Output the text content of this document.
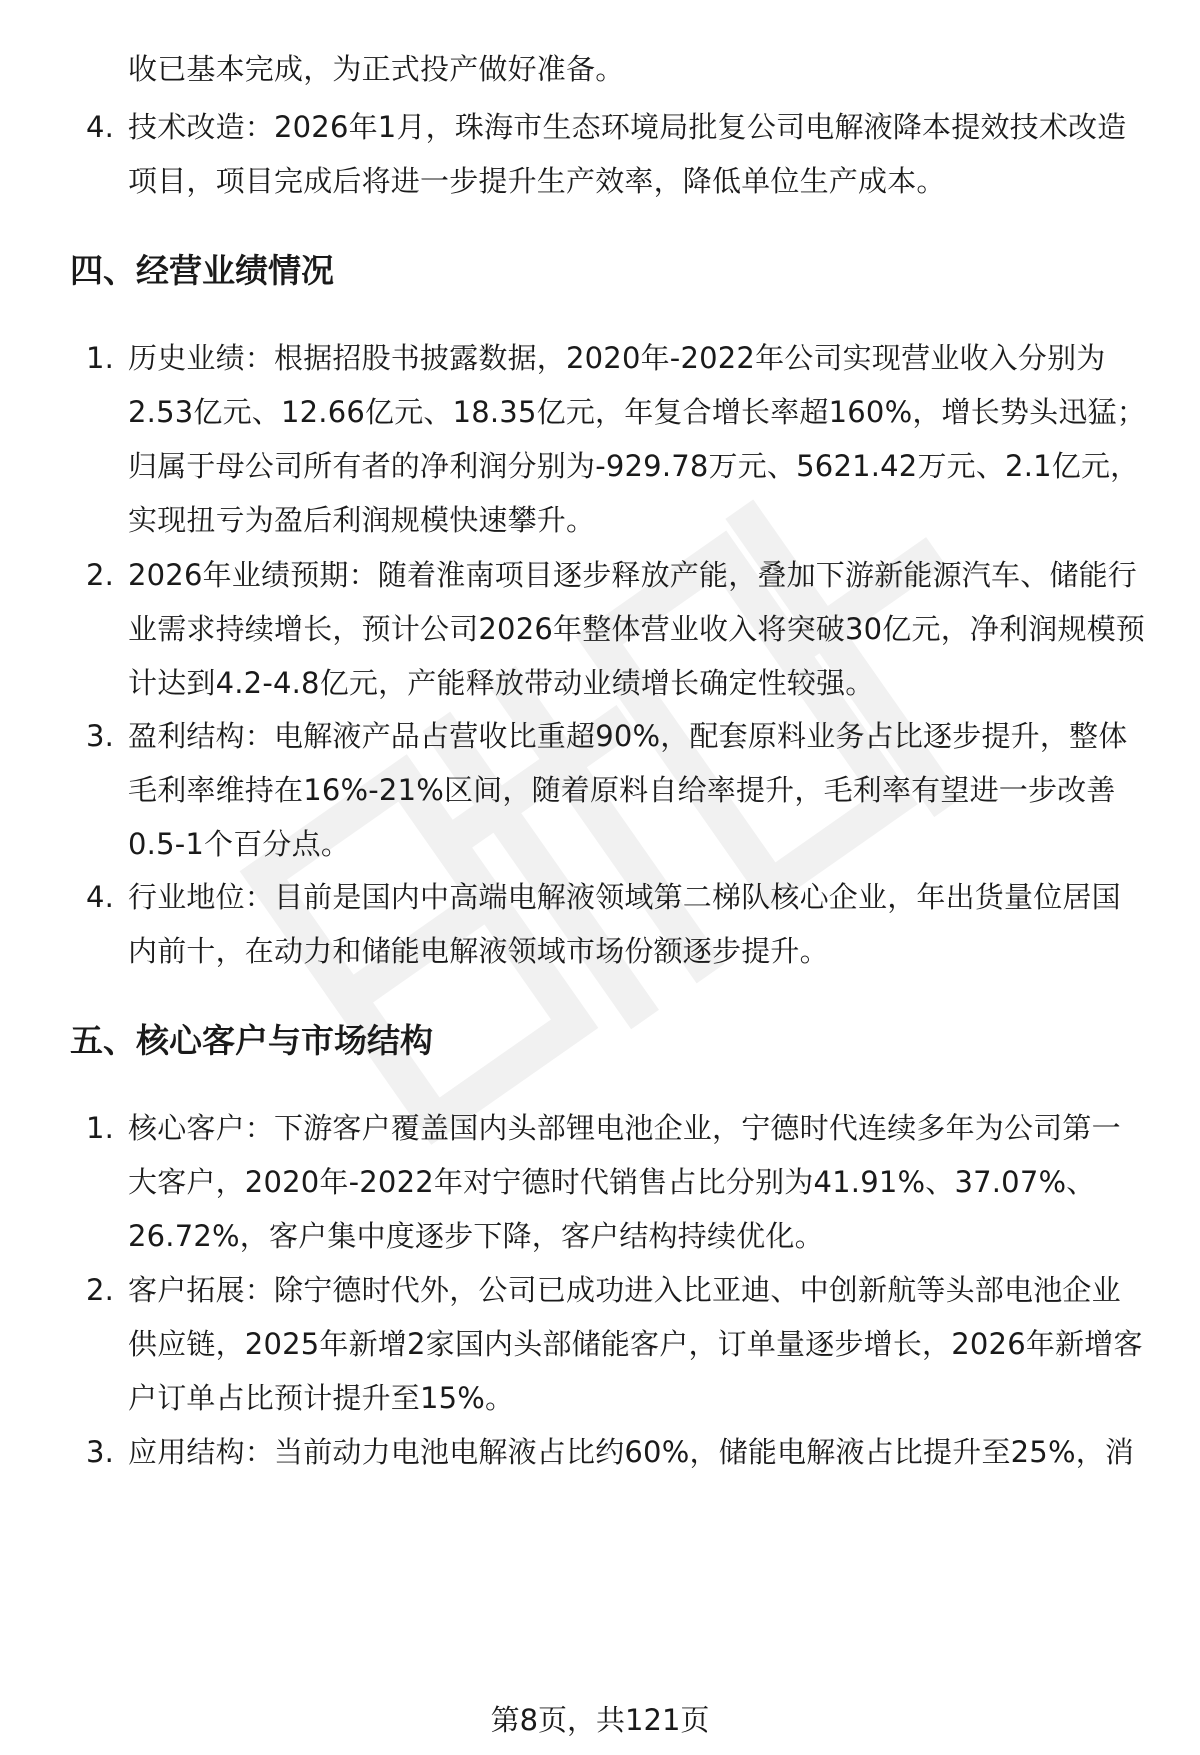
收已基本完成，为正式投产做好准备。
4. 技术改造：2026年1月，珠海市生态环境局批复公司电解液降本提效技术改造
项目，项目完成后将进一步提升生产效率，降低单位生产成本。
四、经营业绩情况
1. 历史业绩：根据招股书披露数据，2020年-2022年公司实现营业收入分别为
2.53亿元、12.66亿元、18.35亿元，年复合增长率超160%，增长势头迅猛；
归属于母公司所有者的净利润分别为-929.78万元、5621.42万元、2.1亿元，
实现扭亏为盈后利润规模快速攀升。
2. 2026年业绩预期：随着淮南项目逐步释放产能，叠加下游新能源汽车、储能行
业需求持续增长，预计公司2026年整体营业收入将突破30亿元，净利润规模预
计达到4.2-4.8亿元，产能释放带动业绩增长确定性较强。
3. 盈利结构：电解液产品占营收比重超90%，配套原料业务占比逐步提升，整体
毛利率维持在16%-21%区间，随着原料自给率提升，毛利率有望进一步改善
0.5-1个百分点。
4. 行业地位：目前是国内中高端电解液领域第二梯队核心企业，年出货量位居国
内前十，在动力和储能电解液领域市场份额逐步提升。
五、核心客户与市场结构
1. 核心客户：下游客户覆盖国内头部锂电池企业，宁德时代连续多年为公司第一
大客户，2020年-2022年对宁德时代销售占比分别为41.91%、37.07%、
26.72%，客户集中度逐步下降，客户结构持续优化。
2. 客户拓展：除宁德时代外，公司已成功进入比亚迪、中创新航等头部电池企业
供应链，2025年新增2家国内头部储能客户，订单量逐步增长，2026年新增客
户订单占比预计提升至15%。
3. 应用结构：当前动力电池电解液占比约60%，储能电解液占比提升至25%，消
第8页，共121页
